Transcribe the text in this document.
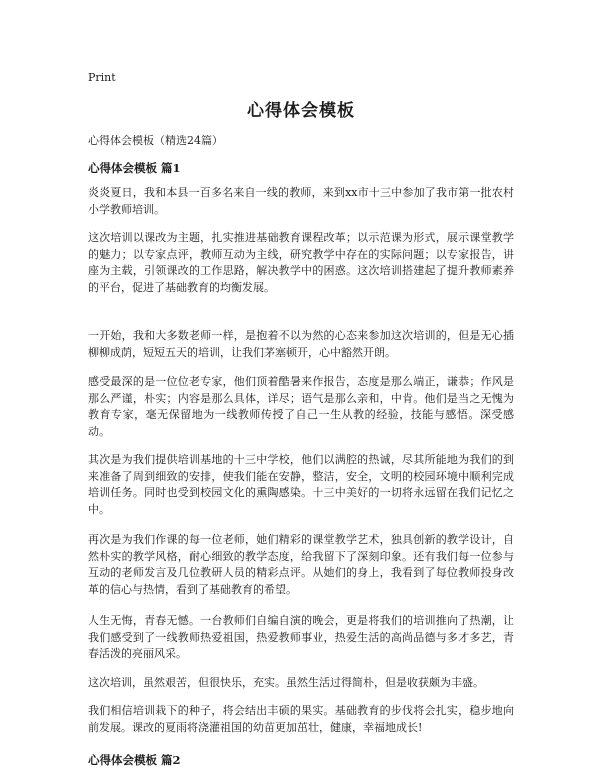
Print
心得体会模板
心得体会模板（精选24篇）
心得体会模板 篇1
炎炎夏日，我和本县一百多名来自一线的教师，来到xx市十三中参加了我市第一批农村小学教师培训。
这次培训以课改为主题，扎实推进基础教育课程改革；以示范课为形式，展示课堂教学的魅力；以专家点评，教师互动为主线，研究教学中存在的实际问题；以专家报告，讲座为主载，引领课改的工作思路，解决教学中的困惑。这次培训搭建起了提升教师素养的平台，促进了基础教育的均衡发展。
一开始，我和大多数老师一样，是抱着不以为然的心态来参加这次培训的，但是无心插柳柳成荫，短短五天的培训，让我们茅塞顿开，心中豁然开朗。
感受最深的是一位位老专家，他们顶着酷暑来作报告，态度是那么端正，谦恭；作风是那么严谨，朴实；内容是那么具体，详尽；语气是那么亲和，中肯。他们是当之无愧为教育专家，毫无保留地为一线教师传授了自己一生从教的经验，技能与感悟。深受感动。
其次是为我们提供培训基地的十三中学校，他们以满腔的热诚，尽其所能地为我们的到来准备了周到细致的安排，使我们能在安静，整洁，安全，文明的校园环境中顺利完成培训任务。同时也受到校园文化的熏陶感染。十三中美好的一切将永远留在我们记忆之中。
再次是为我们作课的每一位老师，她们精彩的课堂教学艺术，独具创新的教学设计，自然朴实的教学风格，耐心细致的教学态度，给我留下了深刻印象。还有我们每一位参与互动的老师发言及几位教研人员的精彩点评。从她们的身上，我看到了每位教师投身改革的信心与热情，看到了基础教育的希望。
人生无悔，青春无憾。一台教师们自编自演的晚会，更是将我们的培训推向了热潮，让我们感受到了一线教师热爱祖国，热爱教师事业，热爱生活的高尚品德与多才多艺，青春活泼的亮丽风采。
这次培训，虽然艰苦，但很快乐，充实。虽然生活过得简朴，但是收获颇为丰盛。
我们相信培训栽下的种子，将会结出丰硕的果实。基础教育的步伐将会扎实，稳步地向前发展。课改的夏雨将浇灌祖国的幼苗更加茁壮，健康，幸福地成长!
心得体会模板 篇2
